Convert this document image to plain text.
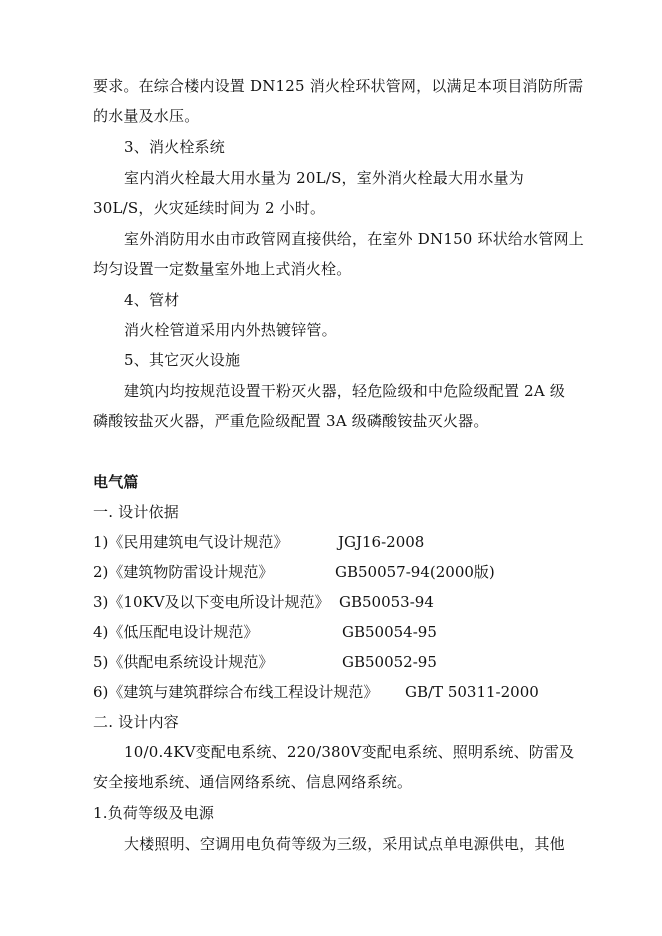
要求。在综合楼内设置 DN125 消火栓环状管网，以满足本项目消防所需
的水量及水压。
3、消火栓系统
室内消火栓最大用水量为 20L/S，室外消火栓最大用水量为
30L/S，火灾延续时间为 2 小时。
室外消防用水由市政管网直接供给，在室外 DN150 环状给水管网上
均匀设置一定数量室外地上式消火栓。
4、管材
消火栓管道采用内外热镀锌管。
5、其它灭火设施
建筑内均按规范设置干粉灭火器，轻危险级和中危险级配置 2A 级
磷酸铵盐灭火器，严重危险级配置 3A 级磷酸铵盐灭火器。
电气篇
一. 设计依据
1)《民用建筑电气设计规范》	JGJ16-2008
2)《建筑物防雷设计规范》	GB50057-94(2000版)
3)《10KV及以下变电所设计规范》 GB50053-94
4)《低压配电设计规范》	GB50054-95
5)《供配电系统设计规范》	GB50052-95
6)《建筑与建筑群综合布线工程设计规范》 GB/T 50311-2000
二. 设计内容
10/0.4KV变配电系统、220/380V变配电系统、照明系统、防雷及
安全接地系统、通信网络系统、信息网络系统。
1.负荷等级及电源
大楼照明、空调用电负荷等级为三级，采用试点单电源供电，其他
